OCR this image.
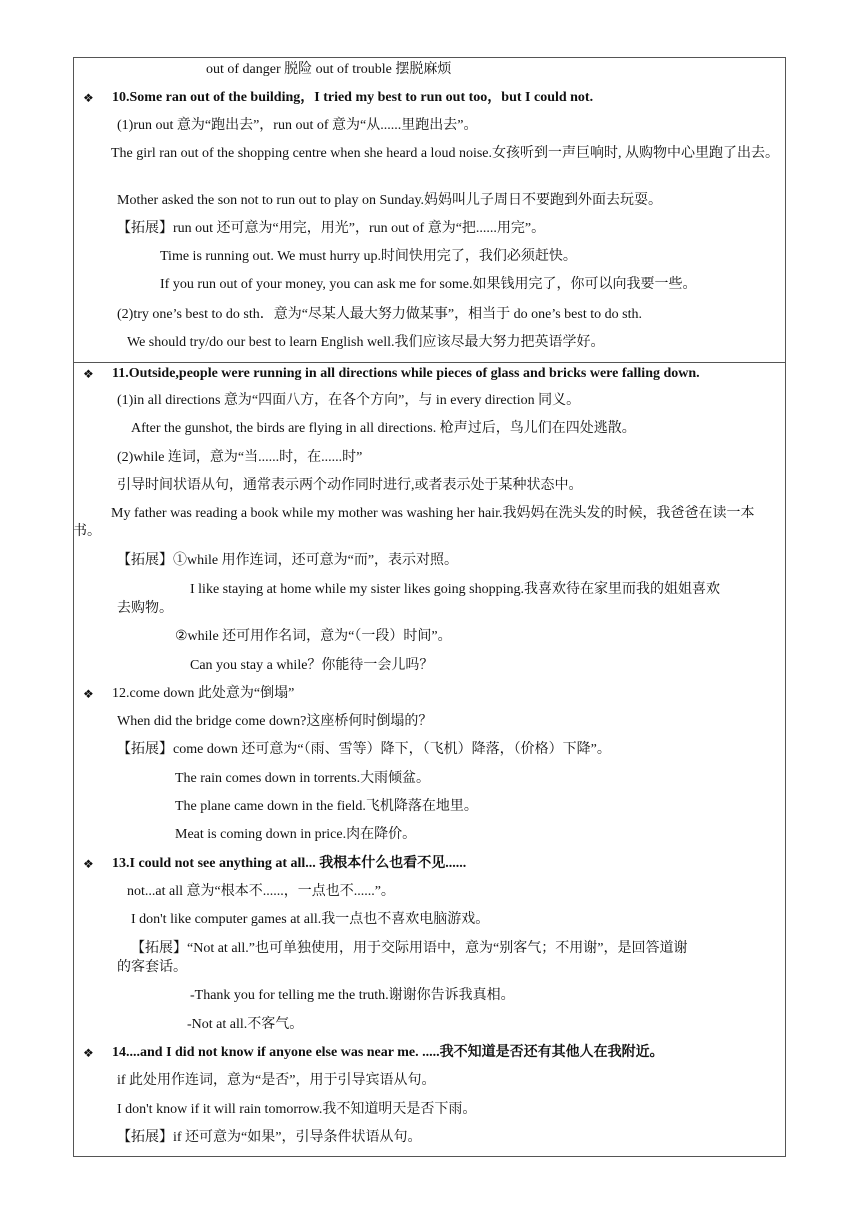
out of danger 脱险 out of trouble 摆脱麻烦
❖ 10.Some ran out of the building，I tried my best to run out too，but I could not.
(1)run out 意为“跑出去”，run out of 意为“从......里跑出去”。
The girl ran out of the shopping centre when she heard a loud noise.女孩听到一声巨响时, 从购物中心里跑了出去。
Mother asked the son not to run out to play on Sunday.妈妈叫儿子周日不要跑到外面去玩耍。
【拓展】run out 还可意为“用完，用光”，run out of 意为“把......用完”。
Time is running out. We must hurry up.时间快用完了，我们必须赶快。
If you run out of your money, you can ask me for some.如果钱用完了，你可以向我要一些。
(2)try one’s best to do sth．意为“尽某人最大努力做某事”，相当于 do one’s best to do sth.
We should try/do our best to learn English well.我们应该尽最大努力把英语学好。
❖ 11.Outside,people were running in all directions while pieces of glass and bricks were falling down.
(1)in all directions 意为“四面八方，在各个方向”，与 in every direction 同义。
After the gunshot, the birds are flying in all directions. 枪声过后，鸟儿们在四处逃散。
(2)while 连词，意为“当......时，在......时”
引导时间状语从句，通常表示两个动作同时进行,或者表示处于某种状态中。
My father was reading a book while my mother was washing her hair.我妈妈在洗头发的时候，我爸爸在读一本书。
【拓展】①while 用作连词，还可意为“而”，表示对照。
I like staying at home while my sister likes going shopping.我喜欢待在家里而我的姐姐喜欢
去购物。
②while 还可用作名词，意为“（一段）时间”。
Can you stay a while？你能待一会儿吗？
❖ 12.come down 此处意为“倒塌”
When did the bridge come down?这座桥何时倒塌的？
【拓展】come down 还可意为“（雨、雪等）降下，（飞机）降落，（价格）下降”。
The rain comes down in torrents.大雨倾盆。
The plane came down in the field.飞机降落在地里。
Meat is coming down in price.肉在降价。
❖ 13.I could not see anything at all... 我根本什么也看不见......
not...at all 意为“根本不......，一点也不......”。
I don't like computer games at all.我一点也不喜欢电脑游戏。
【拓展】“Not at all.”也可单独使用，用于交际用语中，意为“别客气；不用谢”，是回答道谢
的客套话。
-Thank you for telling me the truth.谢谢你告诉我真相。
-Not at all.不客气。
❖ 14....and I did not know if anyone else was near me. .....我不知道是否还有其他人在我附近。
if 此处用作连词，意为“是否”，用于引导宾语从句。
I don't know if it will rain tomorrow.我不知道明天是否下雨。
【拓展】if 还可意为“如果”，引导条件状语从句。
